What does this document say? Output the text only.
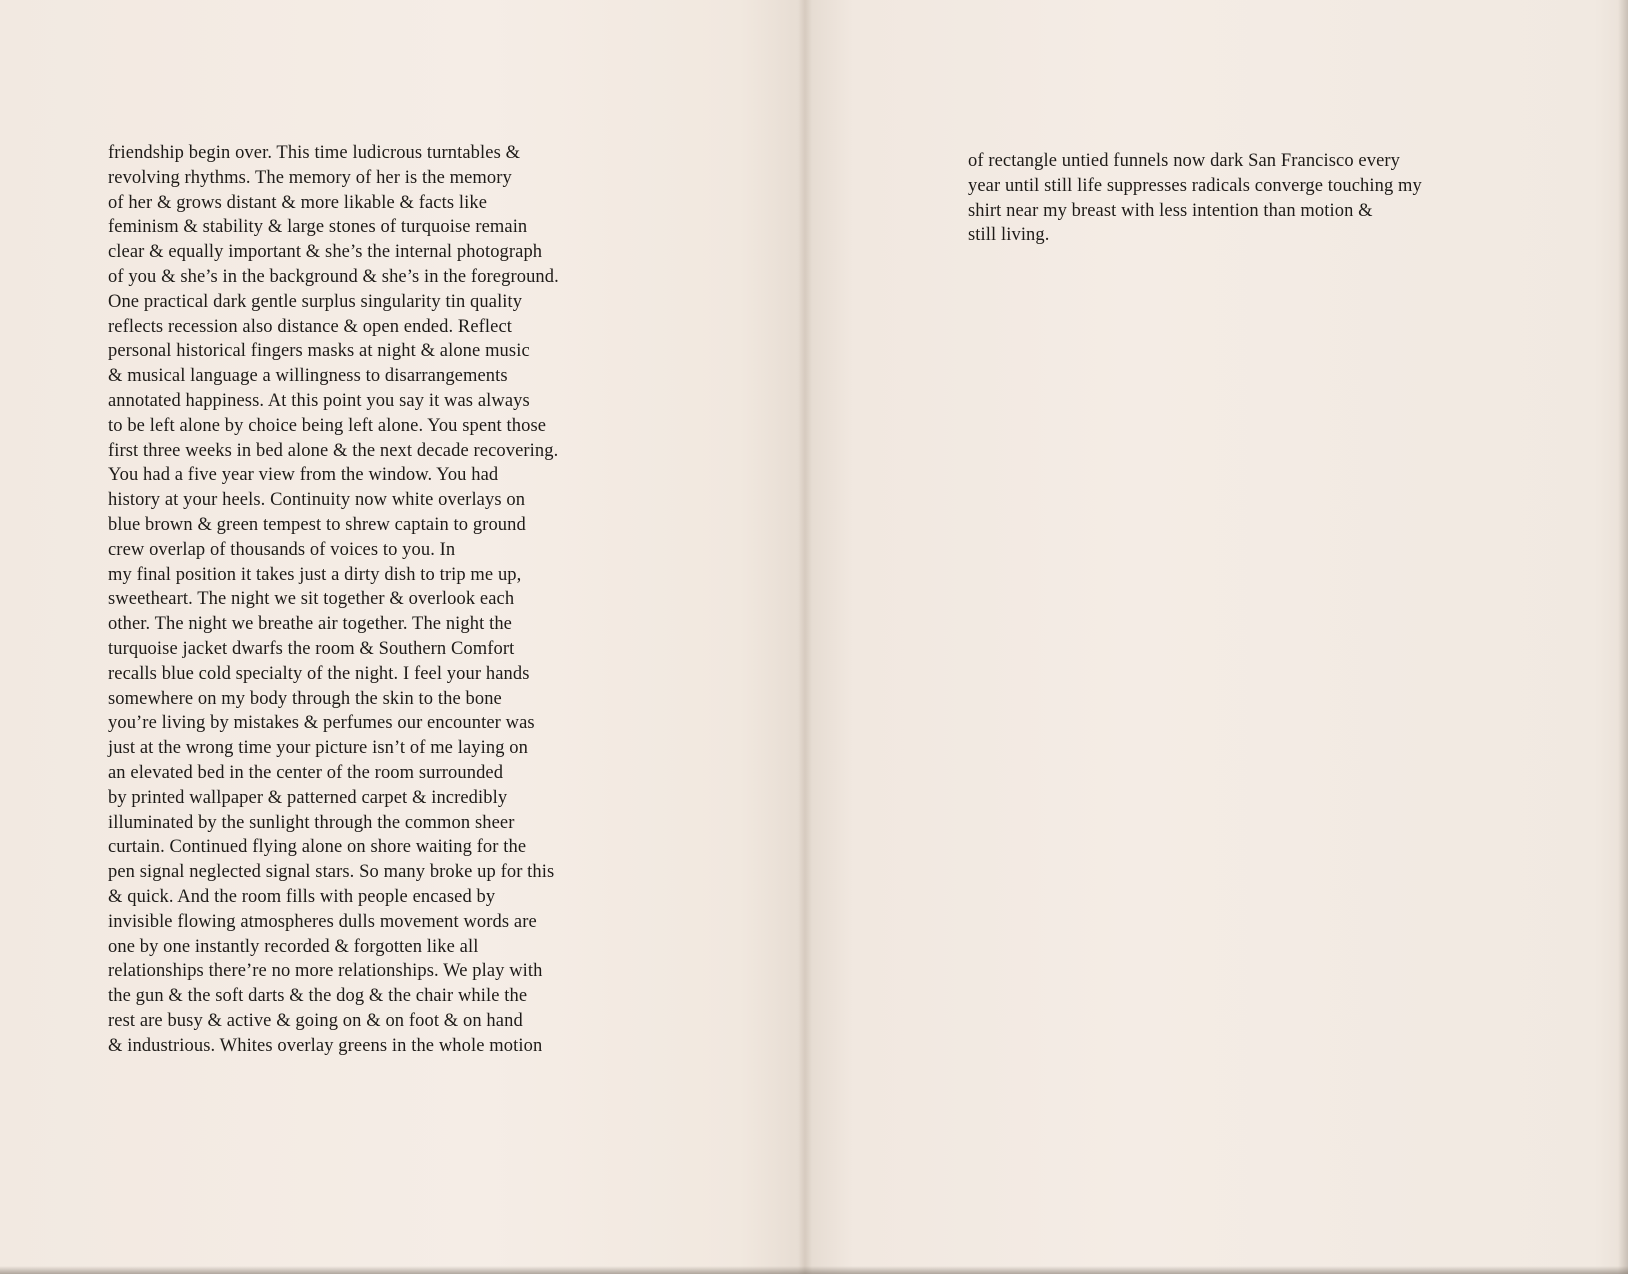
friendship begin over. This time ludicrous turntables &
revolving rhythms. The memory of her is the memory
of her & grows distant & more likable & facts like
feminism & stability & large stones of turquoise remain
clear & equally important & she’s the internal photograph
of you & she’s in the background & she’s in the foreground.
One practical dark gentle surplus singularity tin quality
reflects recession also distance & open ended. Reflect
personal historical fingers masks at night & alone music
& musical language a willingness to disarrangements
annotated happiness. At this point you say it was always
to be left alone by choice being left alone. You spent those
first three weeks in bed alone & the next decade recovering.
You had a five year view from the window. You had
history at your heels. Continuity now white overlays on
blue brown & green tempest to shrew captain to ground
crew overlap of thousands of voices to you. In
my final position it takes just a dirty dish to trip me up,
sweetheart. The night we sit together & overlook each
other. The night we breathe air together. The night the
turquoise jacket dwarfs the room & Southern Comfort
recalls blue cold specialty of the night. I feel your hands
somewhere on my body through the skin to the bone
you’re living by mistakes & perfumes our encounter was
just at the wrong time your picture isn’t of me laying on
an elevated bed in the center of the room surrounded
by printed wallpaper & patterned carpet & incredibly
illuminated by the sunlight through the common sheer
curtain. Continued flying alone on shore waiting for the
pen signal neglected signal stars. So many broke up for this
& quick. And the room fills with people encased by
invisible flowing atmospheres dulls movement words are
one by one instantly recorded & forgotten like all
relationships there’re no more relationships. We play with
the gun & the soft darts & the dog & the chair while the
rest are busy & active & going on & on foot & on hand
& industrious. Whites overlay greens in the whole motion
of rectangle untied funnels now dark San Francisco every
year until still life suppresses radicals converge touching my
shirt near my breast with less intention than motion &
still living.
